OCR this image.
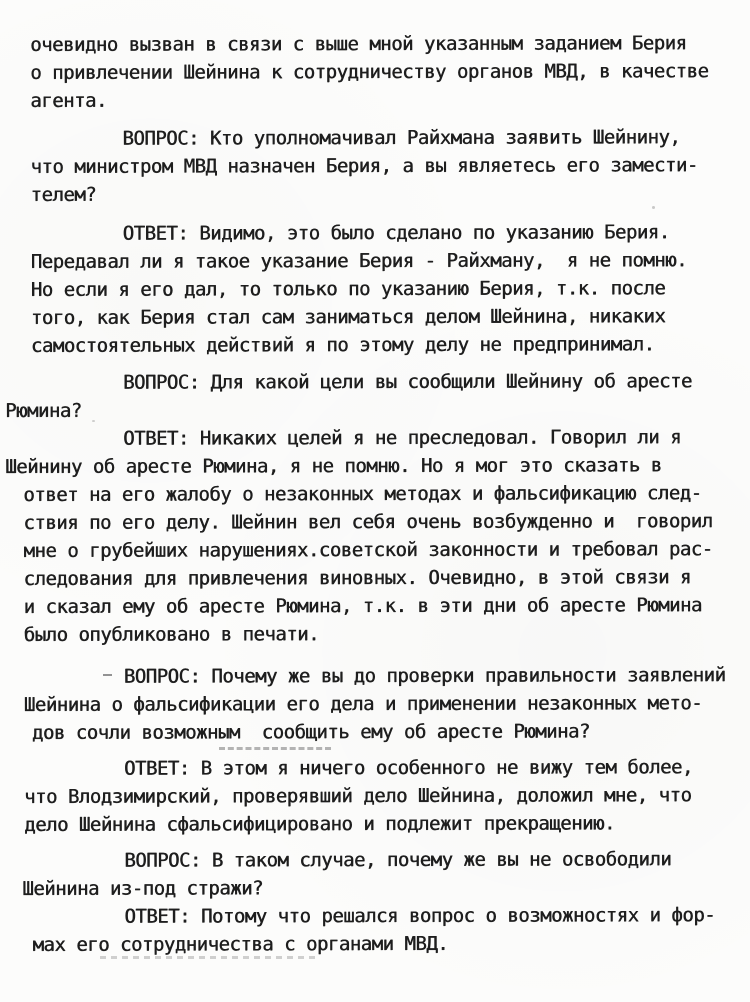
очевидно вызван в связи с выше мной указанным заданием Берия
о привлечении Шейнина к сотрудничеству органов МВД, в качестве
агента.
ВОПРОС: Кто уполномачивал Райхмана заявить Шейнину,
что министром МВД назначен Берия, а вы являетесь его замести-
телем?
ОТВЕТ: Видимо, это было сделано по указанию Берия.
Передавал ли я такое указание Берия - Райхману,  я не помню.
Но если я его дал, то только по указанию Берия, т.к. после
того, как Берия стал сам заниматься делом Шейнина, никаких
самостоятельных действий я по этому делу не предпринимал.
ВОПРОС: Для какой цели вы сообщили Шейнину об аресте
Рюмина?
ОТВЕТ: Никаких целей я не преследовал. Говорил ли я
Шейнину об аресте Рюмина, я не помню. Но я мог это сказать в
ответ на его жалобу о незаконных методах и фальсификацию след-
ствия по его делу. Шейнин вел себя очень возбужденно и  говорил
мне о грубейших нарушениях.советской законности и требовал рас-
следования для привлечения виновных. Очевидно, в этой связи я
и сказал ему об аресте Рюмина, т.к. в эти дни об аресте Рюмина
было опубликовано в печати.
ВОПРОС: Почему же вы до проверки правильности заявлений
Шейнина о фальсификации его дела и применении незаконных мето-
дов сочли возможным  сообщить ему об аресте Рюмина?
ОТВЕТ: В этом я ничего особенного не вижу тем более,
что Влодзимирский, проверявший дело Шейнина, доложил мне, что
дело Шейнина сфальсифицировано и подлежит прекращению.
ВОПРОС: В таком случае, почему же вы не освободили
Шейнина из-под стражи?
ОТВЕТ: Потому что решался вопрос о возможностях и фор-
мах его сотрудничества с органами МВД.
